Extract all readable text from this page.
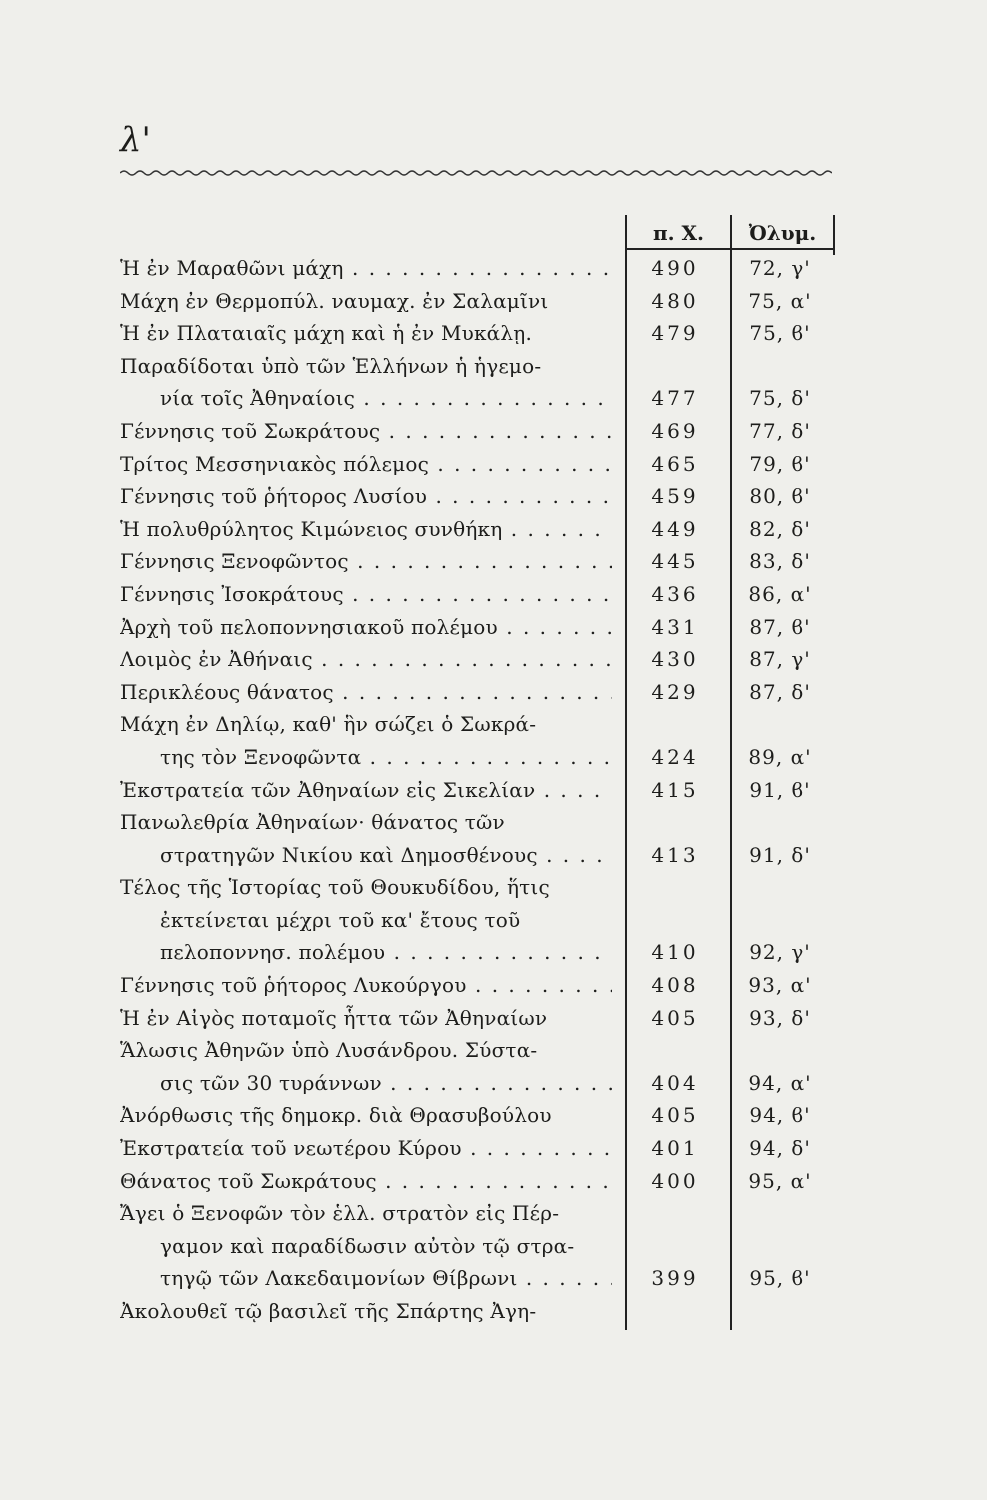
λ'
π. Χ.	Ὀλυμ.
Ἡ ἐν Μαραθῶνι μάχη . . .	490	72, γ'
Μάχη ἐν Θερμοπύλ. ναυμαχ. ἐν Σαλαμῖνι	480	75, α'
Ἡ ἐν Πλαταιαῖς μάχη καὶ ἡ ἐν Μυκάλῃ.	479	75, ϐ'
Παραδίδοται ὑπὸ τῶν Ἑλλήνων ἡ ἡγεμο-
νία τοῖς Ἀθηναίοις . . .	477	75, δ'
Γέννησις τοῦ Σωκράτους . . .	469	77, δ'
Τρίτος Μεσσηνιακὸς πόλεμος . . .	465	79, ϐ'
Γέννησις τοῦ ῥήτορος Λυσίου . . .	459	80, ϐ'
Ἡ πολυθρύλητος Κιμώνειος συνθήκη . . .	449	82, δ'
Γέννησις Ξενοφῶντος . . .	445	83, δ'
Γέννησις Ἰσοκράτους . . .	436	86, α'
Ἀρχὴ τοῦ πελοποννησιακοῦ πολέμου . . .	431	87, ϐ'
Λοιμὸς ἐν Ἀθήναις . . .	430	87, γ'
Περικλέους θάνατος . . .	429	87, δ'
Μάχη ἐν Δηλίῳ, καθ' ἣν σώζει ὁ Σωκρά-
της τὸν Ξενοφῶντα . . .	424	89, α'
Ἐκστρατεία τῶν Ἀθηναίων εἰς Σικελίαν . . .	415	91, ϐ'
Πανωλεθρία Ἀθηναίων· θάνατος τῶν
στρατηγῶν Νικίου καὶ Δημοσθένους . . .	413	91, δ'
Τέλος τῆς Ἱστορίας τοῦ Θουκυδίδου, ἥτις
ἐκτείνεται μέχρι τοῦ κα' ἔτους τοῦ
πελοποννησ. πολέμου . . .	410	92, γ'
Γέννησις τοῦ ῥήτορος Λυκούργου . . .	408	93, α'
Ἡ ἐν Αἰγὸς ποταμοῖς ἧττα τῶν Ἀθηναίων	405	93, δ'
Ἅλωσις Ἀθηνῶν ὑπὸ Λυσάνδρου. Σύστα-
σις τῶν 30 τυράννων . . .	404	94, α'
Ἀνόρθωσις τῆς δημοκρ. διὰ Θρασυβούλου	405	94, ϐ'
Ἐκστρατεία τοῦ νεωτέρου Κύρου . . .	401	94, δ'
Θάνατος τοῦ Σωκράτους . . .	400	95, α'
Ἄγει ὁ Ξενοφῶν τὸν ἑλλ. στρατὸν εἰς Πέρ-
γαμον καὶ παραδίδωσιν αὐτὸν τῷ στρα-
τηγῷ τῶν Λακεδαιμονίων Θίβρωνι . . .	399	95, ϐ'
Ἀκολουθεῖ τῷ βασιλεῖ τῆς Σπάρτης Ἀγη-
